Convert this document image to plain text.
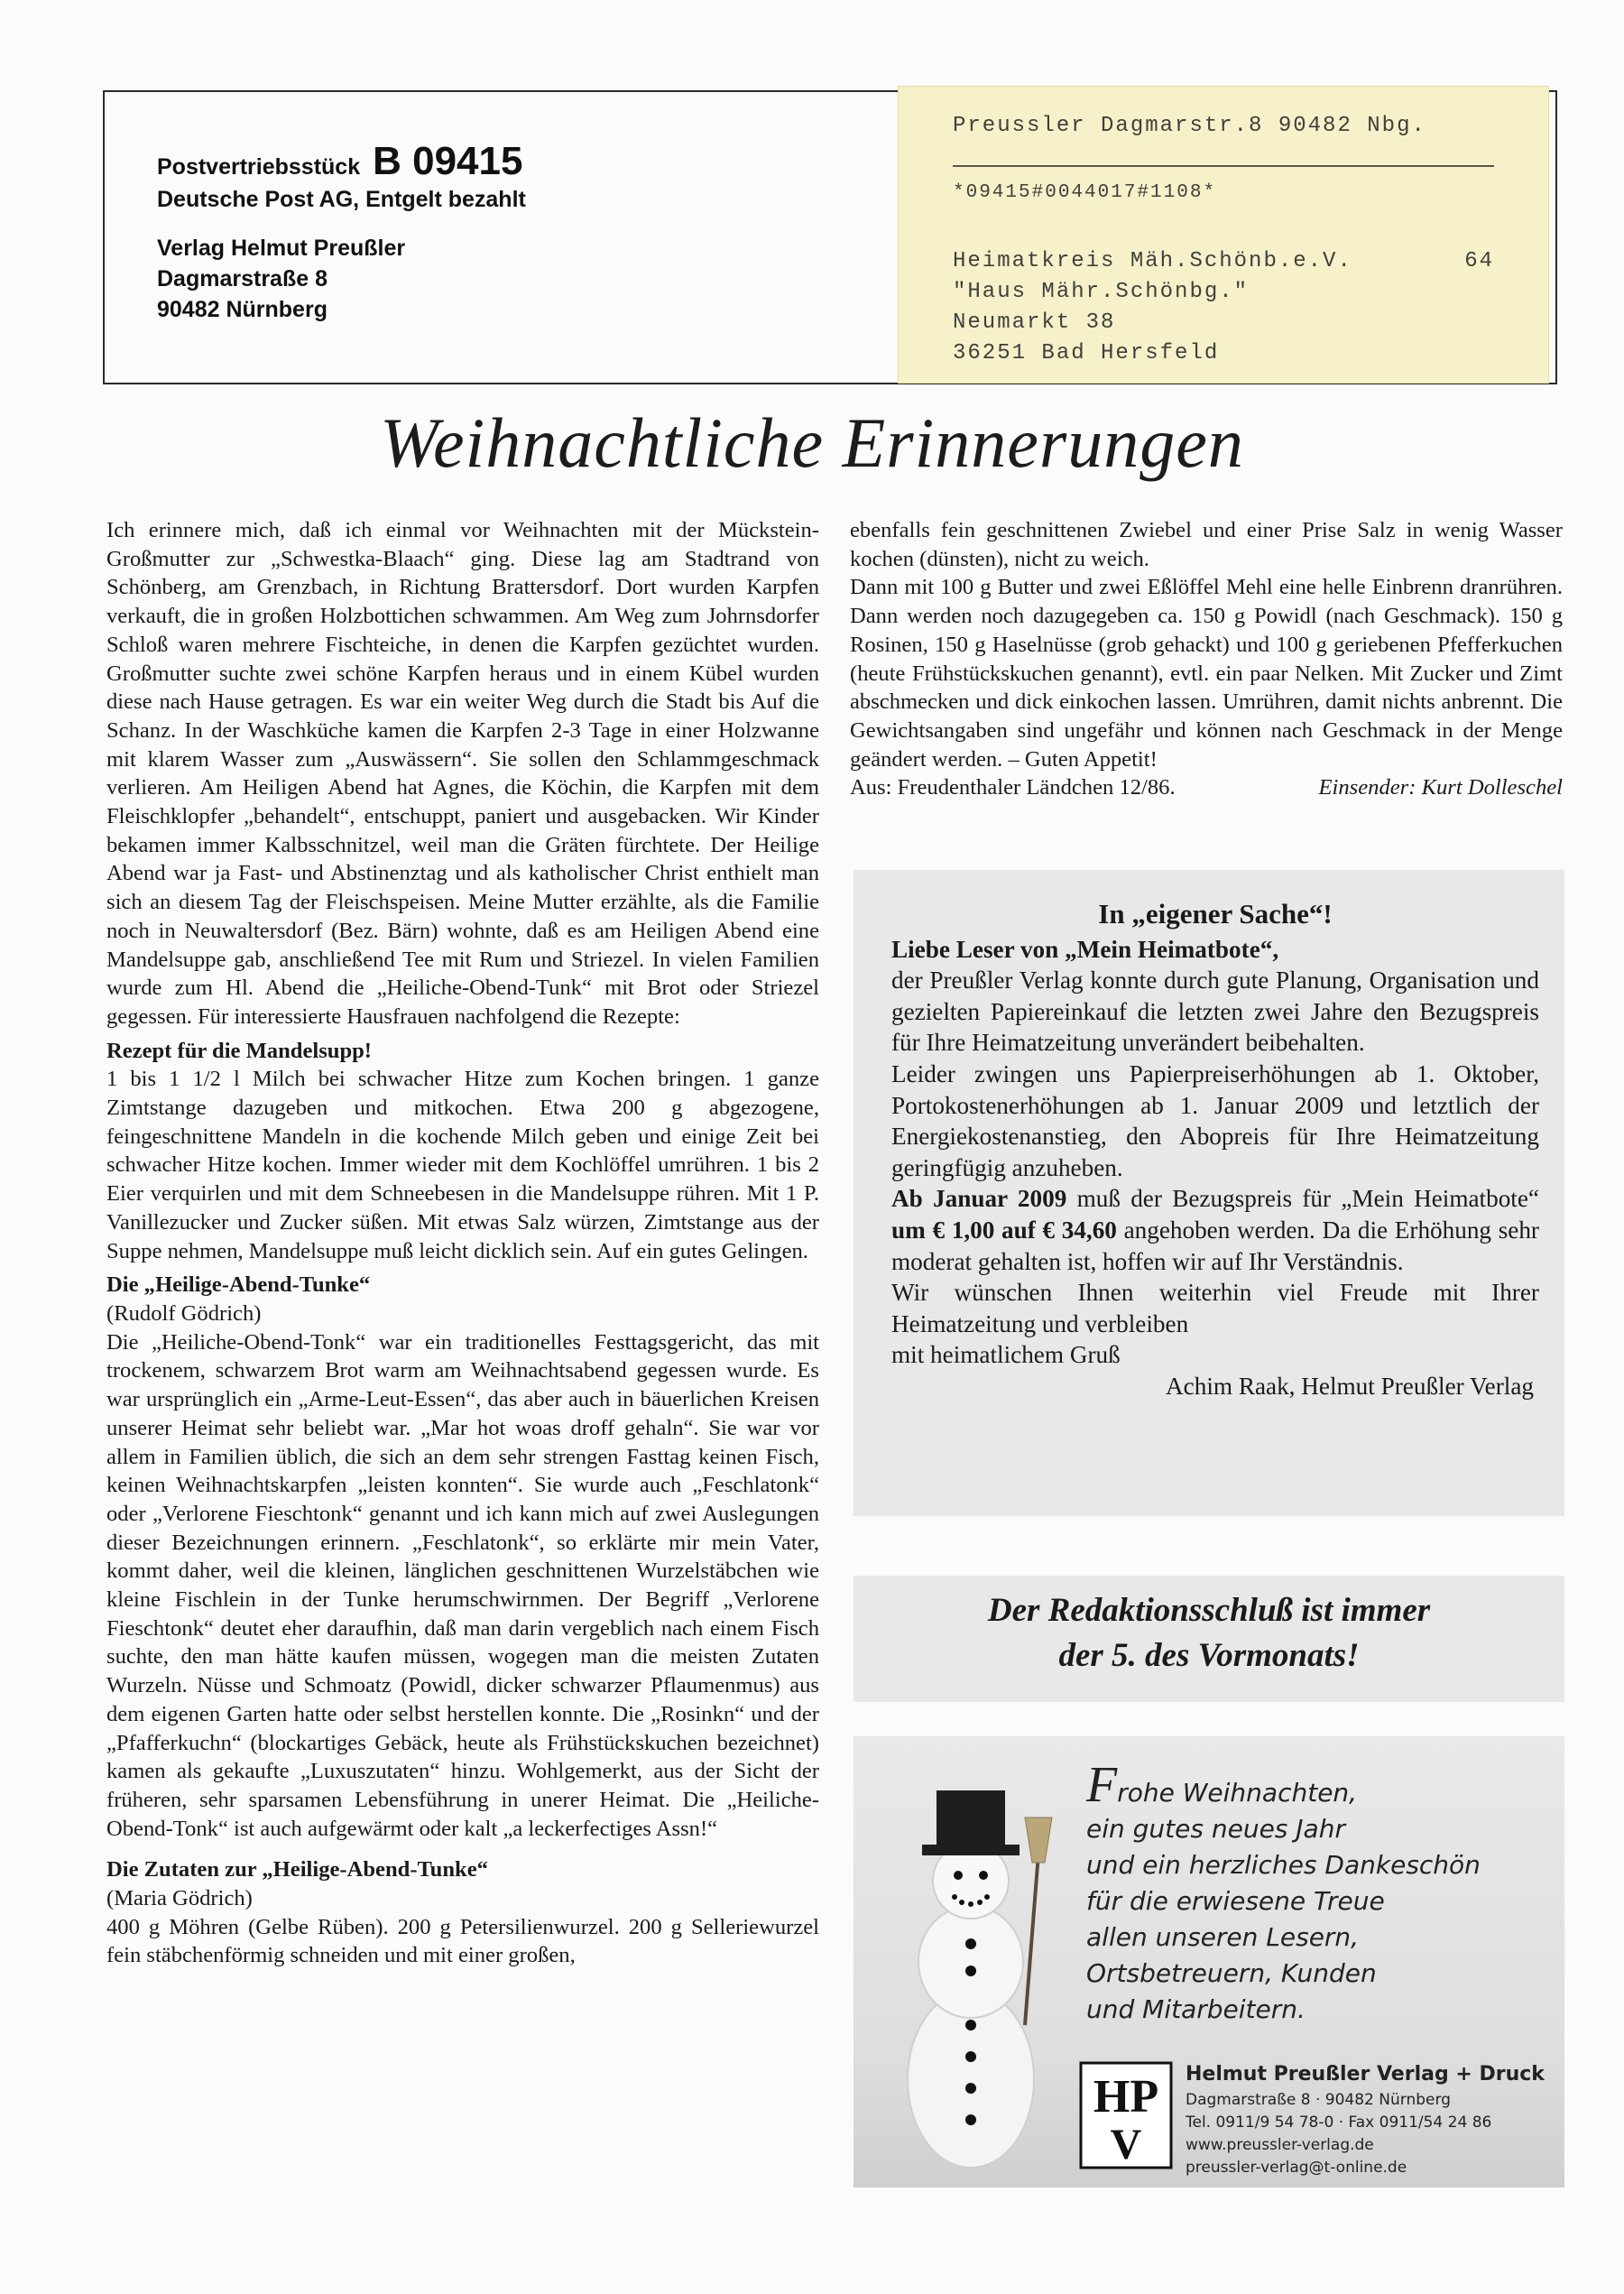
Postvertriebsstück B 09415
Deutsche Post AG, Entgelt bezahlt
Verlag Helmut Preußler
Dagmarstraße 8
90482 Nürnberg
Preussler Dagmarstr.8 90482 Nbg.
*09415#0044017#1108*
Heimatkreis Mäh.Schönb.e.V.	64
"Haus Mähr.Schönbg."
Neumarkt 38
36251 Bad Hersfeld
Weihnachtliche Erinnerungen

Ich erinnere mich, daß ich einmal vor Weihnachten mit der Mückstein-Großmutter zur „Schwestka-Blaach“ ging. Diese lag am Stadtrand von Schönberg, am Grenzbach, in Richtung Brattersdorf. Dort wurden Karpfen verkauft, die in großen Holzbottichen schwammen. Am Weg zum Johrnsdorfer Schloß waren mehrere Fischteiche, in denen die Karpfen gezüchtet wurden. Großmutter suchte zwei schöne Karpfen heraus und in einem Kübel wurden diese nach Hause getragen. Es war ein weiter Weg durch die Stadt bis Auf die Schanz. In der Waschküche kamen die Karpfen 2-3 Tage in einer Holzwanne mit klarem Wasser zum „Auswässern“. Sie sollen den Schlammgeschmack verlieren. Am Heiligen Abend hat Agnes, die Köchin, die Karpfen mit dem Fleischklopfer „behandelt“, entschuppt, paniert und ausgebacken. Wir Kinder bekamen immer Kalbsschnitzel, weil man die Gräten fürchtete. Der Heilige Abend war ja Fast- und Abstinenztag und als katholischer Christ enthielt man sich an diesem Tag der Fleischspeisen. Meine Mutter erzählte, als die Familie noch in Neuwaltersdorf (Bez. Bärn) wohnte, daß es am Heiligen Abend eine Mandelsuppe gab, anschließend Tee mit Rum und Striezel. In vielen Familien wurde zum Hl. Abend die „Heiliche-Obend-Tunk“ mit Brot oder Striezel gegessen. Für interessierte Hausfrauen nachfolgend die Rezepte:

Rezept für die Mandelsupp!

1 bis 1 1/2 l Milch bei schwacher Hitze zum Kochen bringen. 1 ganze Zimtstange dazugeben und mitkochen. Etwa 200 g abgezogene, feingeschnittene Mandeln in die kochende Milch geben und einige Zeit bei schwacher Hitze kochen. Immer wieder mit dem Kochlöffel umrühren. 1 bis 2 Eier verquirlen und mit dem Schneebesen in die Mandelsuppe rühren. Mit 1 P. Vanillezucker und Zucker süßen. Mit etwas Salz würzen, Zimtstange aus der Suppe nehmen, Mandelsuppe muß leicht dicklich sein. Auf ein gutes Gelingen.

Die „Heilige-Abend-Tunke“

(Rudolf Gödrich)

Die „Heiliche-Obend-Tonk“ war ein traditionelles Festtagsgericht, das mit trockenem, schwarzem Brot warm am Weihnachtsabend gegessen wurde. Es war ursprünglich ein „Arme-Leut-Essen“, das aber auch in bäuerlichen Kreisen unserer Heimat sehr beliebt war. „Mar hot woas droff gehaln“. Sie war vor allem in Familien üblich, die sich an dem sehr strengen Fasttag keinen Fisch, keinen Weihnachtskarpfen „leisten konnten“. Sie wurde auch „Feschlatonk“ oder „Verlorene Fieschtonk“ genannt und ich kann mich auf zwei Auslegungen dieser Bezeichnungen erinnern. „Feschlatonk“, so erklärte mir mein Vater, kommt daher, weil die kleinen, länglichen geschnittenen Wurzelstäbchen wie kleine Fischlein in der Tunke herumschwirnmen. Der Begriff „Verlorene Fieschtonk“ deutet eher daraufhin, daß man darin vergeblich nach einem Fisch suchte, den man hätte kaufen müssen, wogegen man die meisten Zutaten Wurzeln. Nüsse und Schmoatz (Powidl, dicker schwarzer Pflaumenmus) aus dem eigenen Garten hatte oder selbst herstellen konnte. Die „Rosinkn“ und der „Pfafferkuchn“ (blockartiges Gebäck, heute als Frühstückskuchen bezeichnet) kamen als gekaufte „Luxuszutaten“ hinzu. Wohlgemerkt, aus der Sicht der früheren, sehr sparsamen Lebensführung in unerer Heimat. Die „Heiliche-Obend-Tonk“ ist auch aufgewärmt oder kalt „a leckerfectiges Assn!“

Die Zutaten zur „Heilige-Abend-Tunke“

(Maria Gödrich)

400 g Möhren (Gelbe Rüben). 200 g Petersilienwurzel. 200 g Selleriewurzel fein stäbchenförmig schneiden und mit einer großen,

ebenfalls fein geschnittenen Zwiebel und einer Prise Salz in wenig Wasser kochen (dünsten), nicht zu weich.

Dann mit 100 g Butter und zwei Eßlöffel Mehl eine helle Einbrenn dranrühren. Dann werden noch dazugegeben ca. 150 g Powidl (nach Geschmack). 150 g Rosinen, 150 g Haselnüsse (grob gehackt) und 100 g geriebenen Pfefferkuchen (heute Frühstückskuchen genannt), evtl. ein paar Nelken. Mit Zucker und Zimt abschmecken und dick einkochen lassen. Umrühren, damit nichts anbrennt. Die Gewichtsangaben sind ungefähr und können nach Geschmack in der Menge geändert werden. – Guten Appetit!

Aus: Freudenthaler Ländchen 12/86.	Einsender: Kurt Dolleschel
In „eigener Sache“!

Liebe Leser von „Mein Heimatbote“,

der Preußler Verlag konnte durch gute Planung, Organisation und gezielten Papiereinkauf die letzten zwei Jahre den Bezugspreis für Ihre Heimatzeitung unverändert beibehalten.

Leider zwingen uns Papierpreiserhöhungen ab 1. Oktober, Portokostenerhöhungen ab 1. Januar 2009 und letztlich der Energiekostenanstieg, den Abopreis für Ihre Heimatzeitung geringfügig anzuheben.

Ab Januar 2009 muß der Bezugspreis für „Mein Heimatbote“ um € 1,00 auf € 34,60 angehoben werden. Da die Erhöhung sehr moderat gehalten ist, hoffen wir auf Ihr Verständnis.

Wir wünschen Ihnen weiterhin viel Freude mit Ihrer Heimatzeitung und verbleiben

mit heimatlichem Gruß

Achim Raak, Helmut Preußler Verlag

Der Redaktionsschluß ist immer
der 5. des Vormonats!
Frohe Weihnachten,
ein gutes neues Jahr
und ein herzliches Dankeschön
für die erwiesene Treue
allen unseren Lesern,
Ortsbetreuern, Kunden
und Mitarbeitern.
HP
V
Helmut Preußler Verlag + Druck
Dagmarstraße 8 · 90482 Nürnberg
Tel. 0911/9 54 78-0 · Fax 0911/54 24 86
www.preussler-verlag.de
preussler-verlag@t-online.de
